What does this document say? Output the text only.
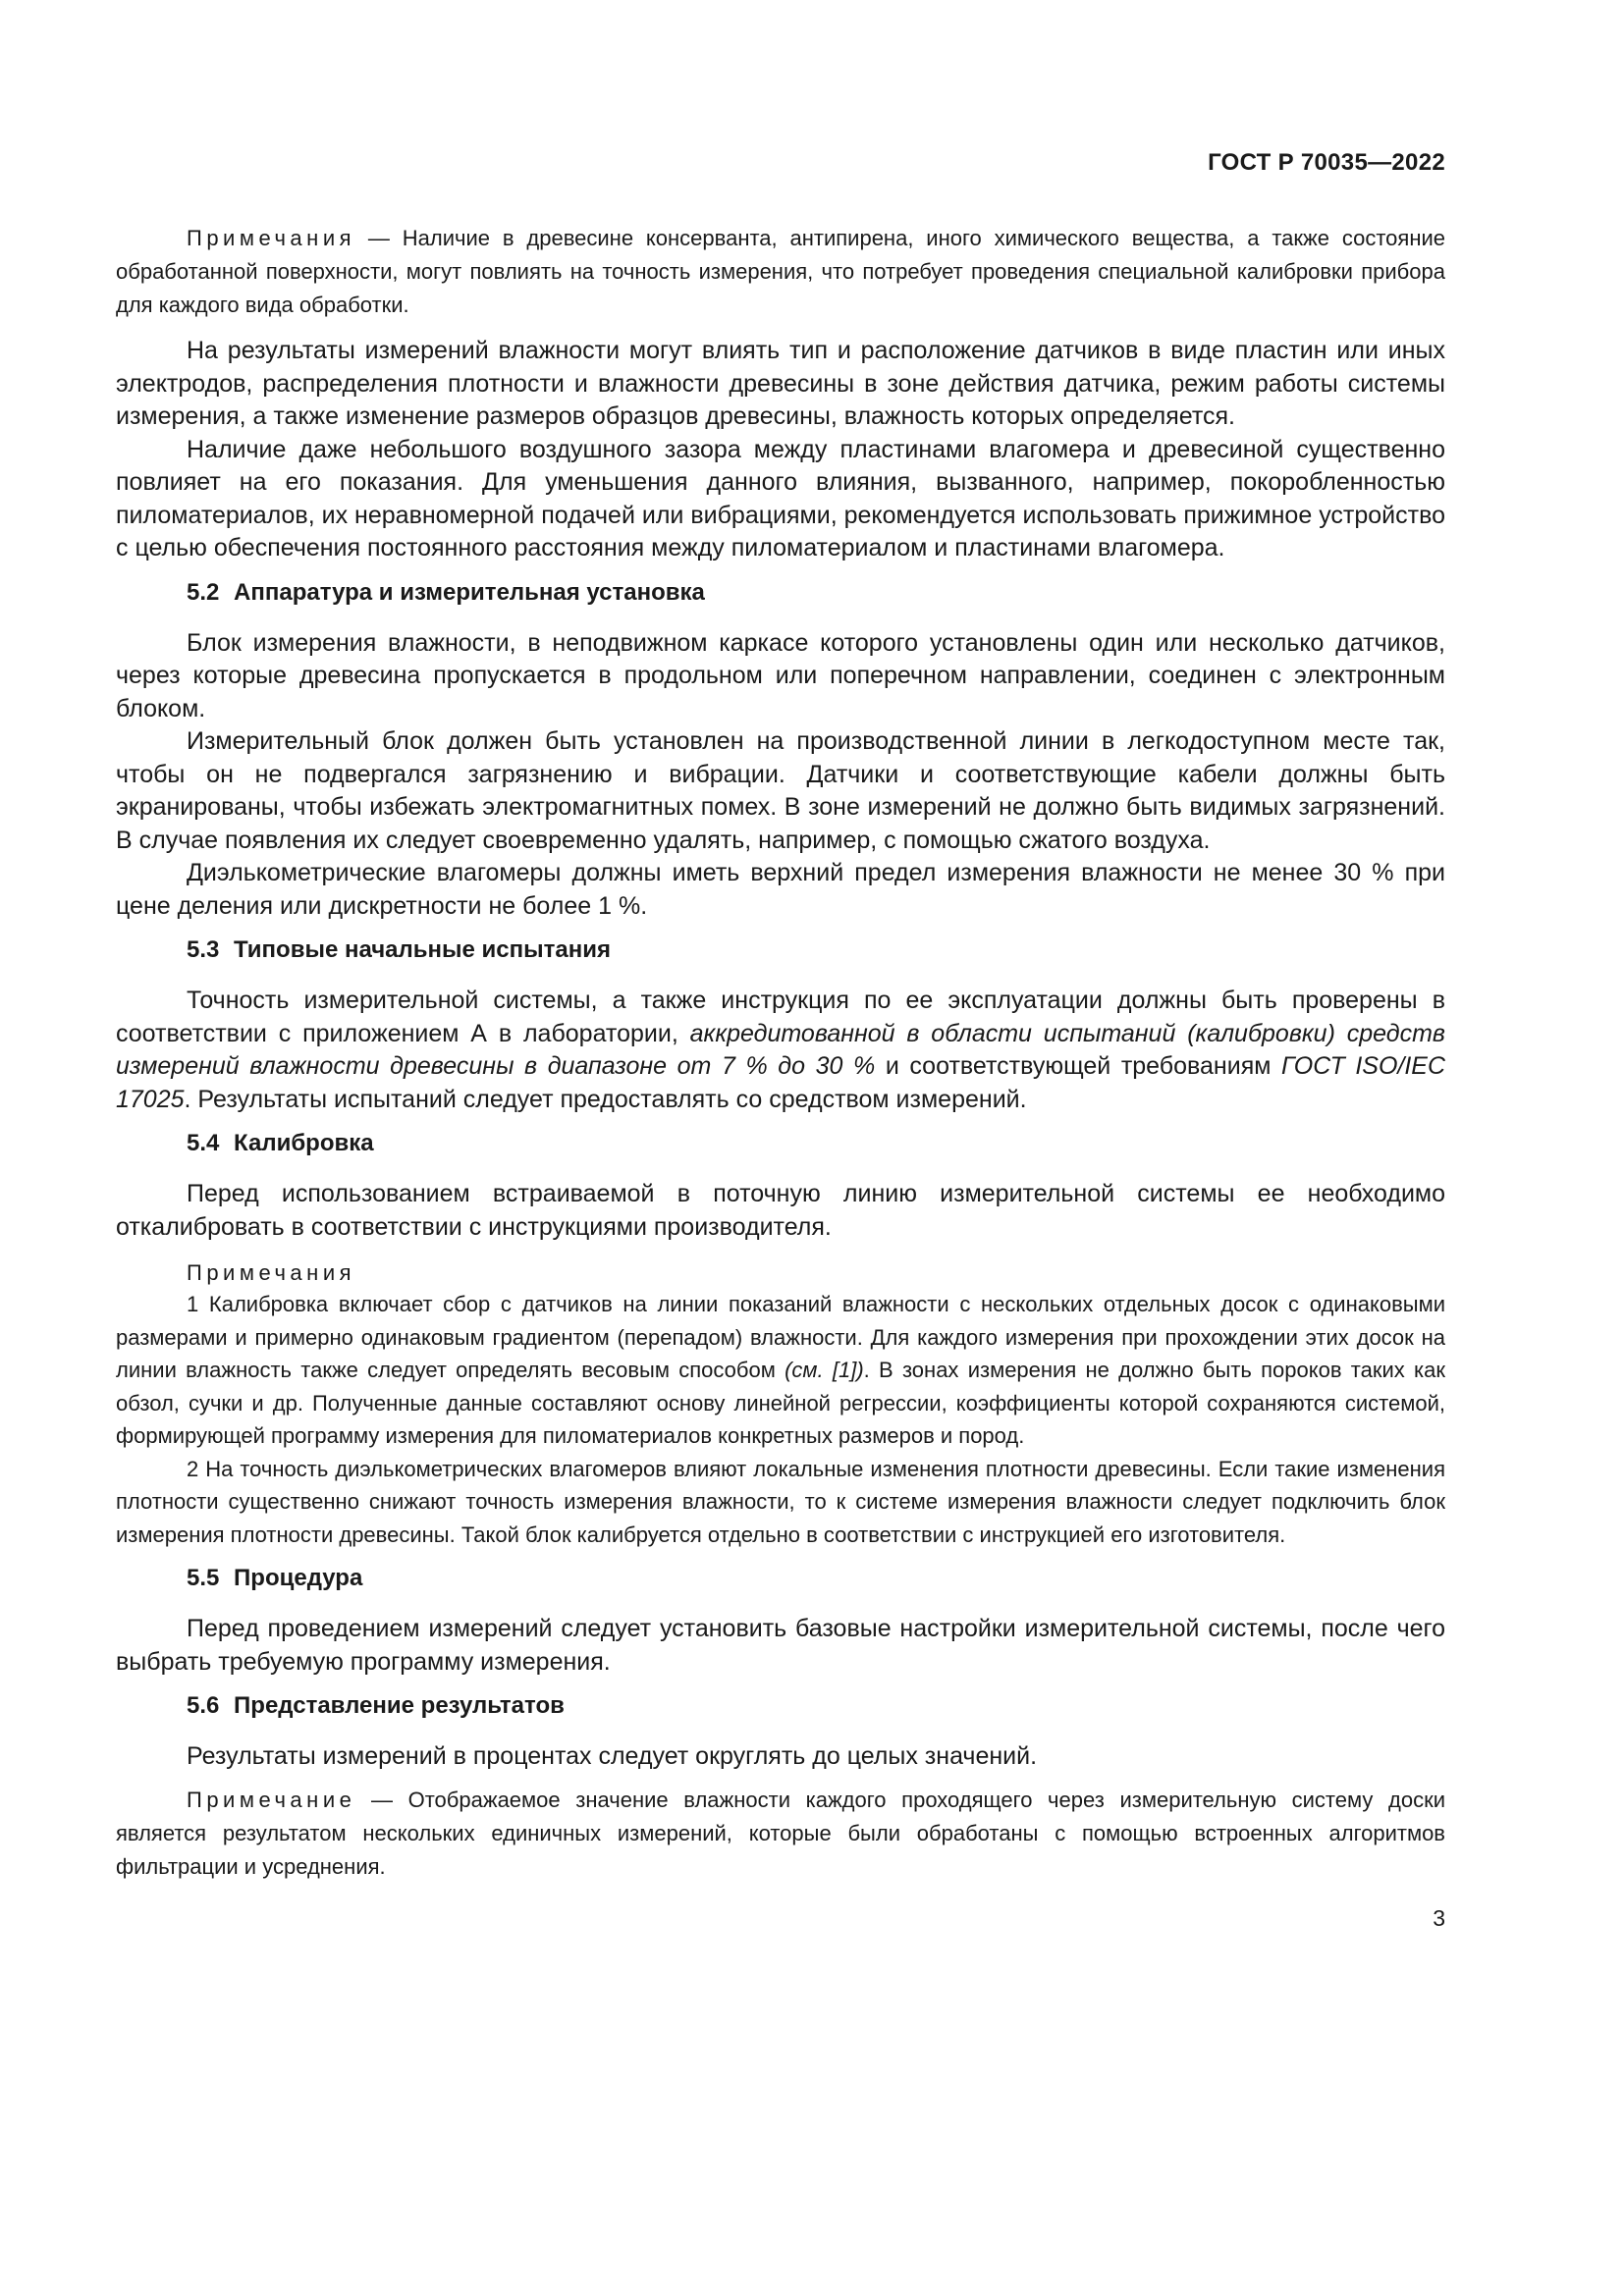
ГОСТ Р 70035—2022

Примечания — Наличие в древесине консерванта, антипирена, иного химического вещества, а также состояние обработанной поверхности, могут повлиять на точность измерения, что потребует проведения специальной калибровки прибора для каждого вида обработки.

На результаты измерений влажности могут влиять тип и расположение датчиков в виде пластин или иных электродов, распределения плотности и влажности древесины в зоне действия датчика, режим работы системы измерения, а также изменение размеров образцов древесины, влажность которых определяется.

Наличие даже небольшого воздушного зазора между пластинами влагомера и древесиной существенно повлияет на его показания. Для уменьшения данного влияния, вызванного, например, покоробленностью пиломатериалов, их неравномерной подачей или вибрациями, рекомендуется использовать прижимное устройство с целью обеспечения постоянного расстояния между пиломатериалом и пластинами влагомера.

5.2 Аппаратура и измерительная установка

Блок измерения влажности, в неподвижном каркасе которого установлены один или несколько датчиков, через которые древесина пропускается в продольном или поперечном направлении, соединен с электронным блоком.

Измерительный блок должен быть установлен на производственной линии в легкодоступном месте так, чтобы он не подвергался загрязнению и вибрации. Датчики и соответствующие кабели должны быть экранированы, чтобы избежать электромагнитных помех. В зоне измерений не должно быть видимых загрязнений. В случае появления их следует своевременно удалять, например, с помощью сжатого воздуха.

Диэлькометрические влагомеры должны иметь верхний предел измерения влажности не менее 30 % при цене деления или дискретности не более 1 %.

5.3 Типовые начальные испытания

Точность измерительной системы, а также инструкция по ее эксплуатации должны быть проверены в соответствии с приложением А в лаборатории, аккредитованной в области испытаний (калибровки) средств измерений влажности древесины в диапазоне от 7 % до 30 % и соответствующей требованиям ГОСТ ISO/IEC 17025. Результаты испытаний следует предоставлять со средством измерений.

5.4 Калибровка

Перед использованием встраиваемой в поточную линию измерительной системы ее необходимо откалибровать в соответствии с инструкциями производителя.

Примечания

1 Калибровка включает сбор с датчиков на линии показаний влажности с нескольких отдельных досок с одинаковыми размерами и примерно одинаковым градиентом (перепадом) влажности. Для каждого измерения при прохождении этих досок на линии влажность также следует определять весовым способом (см. [1]). В зонах измерения не должно быть пороков таких как обзол, сучки и др. Полученные данные составляют основу линейной регрессии, коэффициенты которой сохраняются системой, формирующей программу измерения для пиломатериалов конкретных размеров и пород.

2 На точность диэлькометрических влагомеров влияют локальные изменения плотности древесины. Если такие изменения плотности существенно снижают точность измерения влажности, то к системе измерения влажности следует подключить блок измерения плотности древесины. Такой блок калибруется отдельно в соответствии с инструкцией его изготовителя.

5.5 Процедура

Перед проведением измерений следует установить базовые настройки измерительной системы, после чего выбрать требуемую программу измерения.

5.6 Представление результатов

Результаты измерений в процентах следует округлять до целых значений.

Примечание — Отображаемое значение влажности каждого проходящего через измерительную систему доски является результатом нескольких единичных измерений, которые были обработаны с помощью встроенных алгоритмов фильтрации и усреднения.

3
